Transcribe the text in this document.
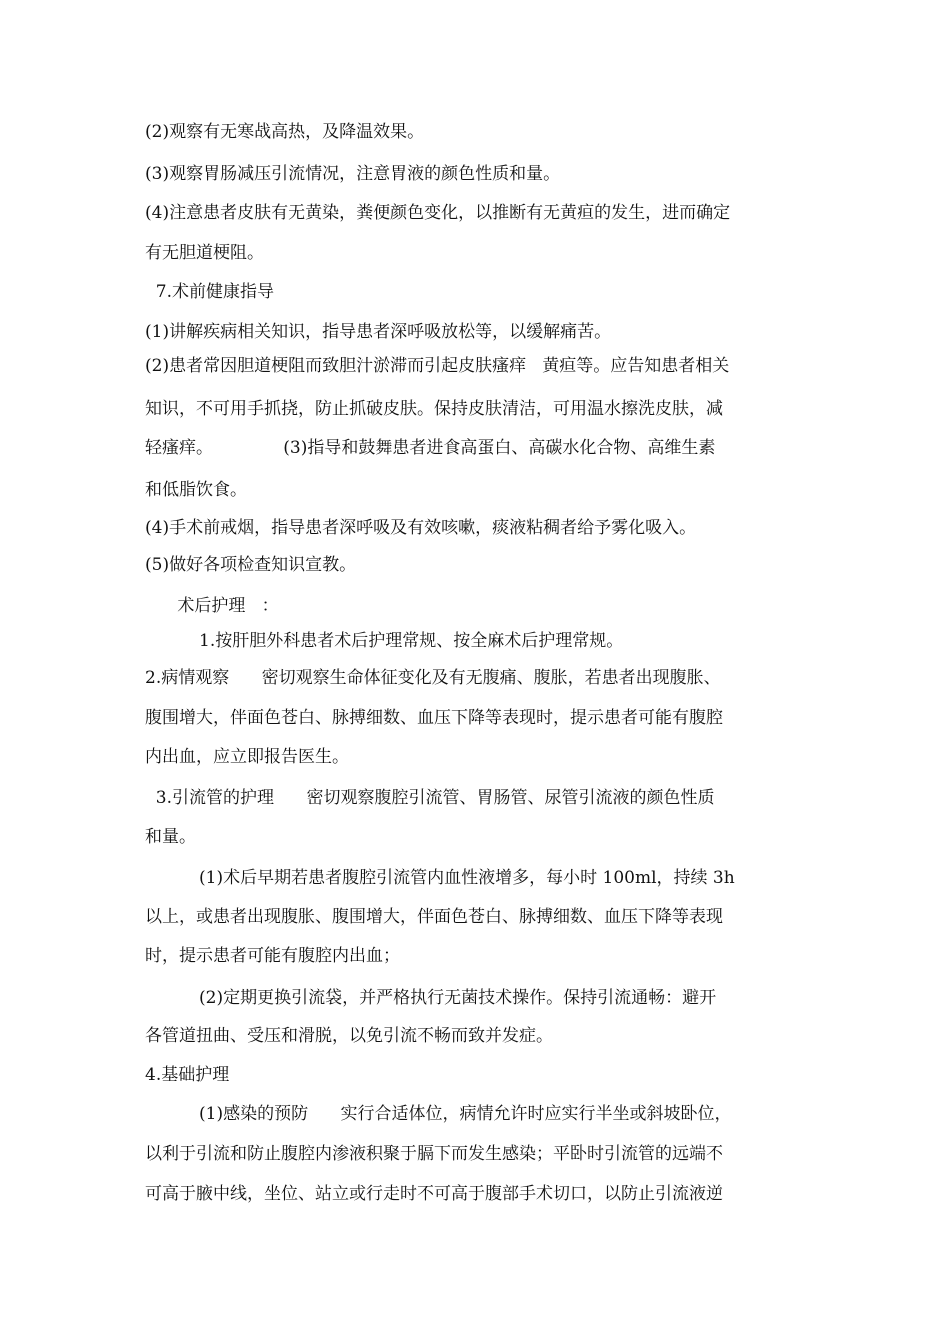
(2)观察有无寒战高热，及降温效果。
(3)观察胃肠减压引流情况，注意胃液的颜色性质和量。
(4)注意患者皮肤有无黄染，粪便颜色变化，以推断有无黄疸的发生，进而确定
有无胆道梗阻。
7.术前健康指导
(1)讲解疾病相关知识，指导患者深呼吸放松等，以缓解痛苦。
(2)患者常因胆道梗阻而致胆汁淤滞而引起皮肤瘙痒   黄疸等。应告知患者相关
知识，不可用手抓挠，防止抓破皮肤。保持皮肤清洁，可用温水擦洗皮肤，减
轻瘙痒。             (3)指导和鼓舞患者进食高蛋白、高碳水化合物、高维生素
和低脂饮食。
(4)手术前戒烟，指导患者深呼吸及有效咳嗽，痰液粘稠者给予雾化吸入。
(5)做好各项检查知识宣教。
术后护理   ：
1.按肝胆外科患者术后护理常规、按全麻术后护理常规。
2.病情观察      密切观察生命体征变化及有无腹痛、腹胀，若患者出现腹胀、
腹围增大，伴面色苍白、脉搏细数、血压下降等表现时，提示患者可能有腹腔
内出血，应立即报告医生。
3.引流管的护理      密切观察腹腔引流管、胃肠管、尿管引流液的颜色性质
和量。
(1)术后早期若患者腹腔引流管内血性液增多，每小时 100ml，持续 3h
以上，或患者出现腹胀、腹围增大，伴面色苍白、脉搏细数、血压下降等表现
时，提示患者可能有腹腔内出血；
(2)定期更换引流袋，并严格执行无菌技术操作。保持引流通畅：避开
各管道扭曲、受压和滑脱，以免引流不畅而致并发症。
4.基础护理
(1)感染的预防      实行合适体位，病情允许时应实行半坐或斜坡卧位，
以利于引流和防止腹腔内渗液积聚于膈下而发生感染；平卧时引流管的远端不
可高于腋中线，坐位、站立或行走时不可高于腹部手术切口，以防止引流液逆
